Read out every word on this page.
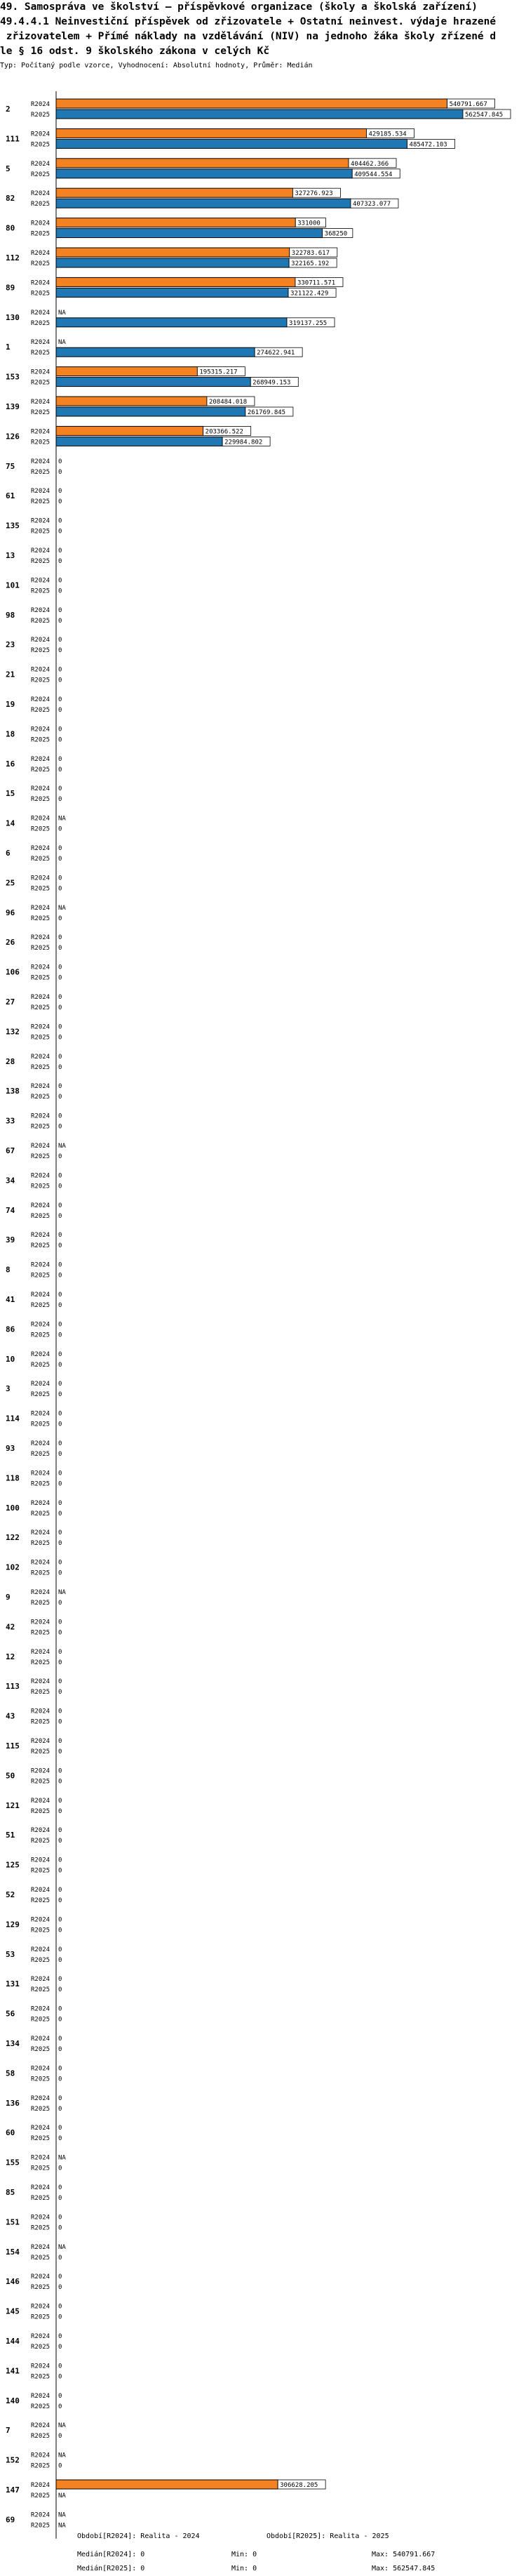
49. Samospráva ve školství – příspěvkové organizace (školy a školská zařízení)
49.4.4.1 Neinvestiční příspěvek od zřizovatele + Ostatní neinvest. výdaje hrazené
zřizovatelem + Přímé náklady na vzdělávání (NIV) na jednoho žáka školy zřízené d
le § 16 odst. 9 školského zákona v celých Kč
Typ: Počítaný podle vzorce, Vyhodnocení: Absolutní hodnoty, Průměr: Medián
2	R2024	540791.667
R2025	562547.845
111 R2024	429185.534
R2025	485472.103
5	R2024	404462.366
R2025	409544.554
82	R2024	327276.923
R2025	407323.077
80	R2024	331000
R2025	368250
112 R2024	322783.617
R2025	322165.192
89	R2024	330711.571
R2025	321122.429
130 R2024 NA
R2025	319137.255
1	R2024 NA
R2025	274622.941
153 R2024	195315.217
R2025	268949.153
139 R2024	208484.018
R2025	261769.845
126 R2024	203366.522
R2025	229984.802
75	R2024 0
R2025 0
61	R2024 0
R2025 0
135 R2024 0
R2025 0
13	R2024 0
R2025 0
101 R2024 0
R2025 0
98	R2024 0
R2025 0
23	R2024 0
R2025 0
21	R2024 0
R2025 0
19	R2024 0
R2025 0
18	R2024 0
R2025 0
16	R2024 0
R2025 0
15	R2024 0
R2025 0
14	R2024 NA
R2025 0
6	R2024 0
R2025 0
25	R2024 0
R2025 0
96	R2024 NA
R2025 0
26	R2024 0
R2025 0
106 R2024 0
R2025 0
27	R2024 0
R2025 0
132 R2024 0
R2025 0
28	R2024 0
R2025 0
138 R2024 0
R2025 0
33	R2024 0
R2025 0
67	R2024 NA
R2025 0
34	R2024 0
R2025 0
74	R2024 0
R2025 0
39	R2024 0
R2025 0
8	R2024 0
R2025 0
41	R2024 0
R2025 0
86	R2024 0
R2025 0
10	R2024 0
R2025 0
3	R2024 0
R2025 0
114 R2024 0
R2025 0
93	R2024 0
R2025 0
118 R2024 0
R2025 0
100 R2024 0
R2025 0
122 R2024 0
R2025 0
102 R2024 0
R2025 0
9	R2024 NA
R2025 0
42	R2024 0
R2025 0
12	R2024 0
R2025 0
113 R2024 0
R2025 0
43	R2024 0
R2025 0
115 R2024 0
R2025 0
50	R2024 0
R2025 0
121 R2024 0
R2025 0
51	R2024 0
R2025 0
125 R2024 0
R2025 0
52	R2024 0
R2025 0
129 R2024 0
R2025 0
53	R2024 0
R2025 0
131 R2024 0
R2025 0
56	R2024 0
R2025 0
134 R2024 0
R2025 0
58	R2024 0
R2025 0
136 R2024 0
R2025 0
60	R2024 0
R2025 0
155 R2024 NA
R2025 0
85	R2024 0
R2025 0
151 R2024 0
R2025 0
154 R2024 NA
R2025 0
146 R2024 0
R2025 0
145 R2024 0
R2025 0
144 R2024 0
R2025 0
141 R2024 0
R2025 0
140 R2024 0
R2025 0
7	R2024 NA
R2025 0
152 R2024 NA
R2025 0
147 R2024	306628.205
R2025 NA
69	R2024 NA
R2025 NA
Období[R2024]: Realita - 2024	Období[R2025]: Realita - 2025
Medián[R2024]: 0	Min: 0	Max: 540791.667
Medián[R2025]: 0	Min: 0	Max: 562547.845
